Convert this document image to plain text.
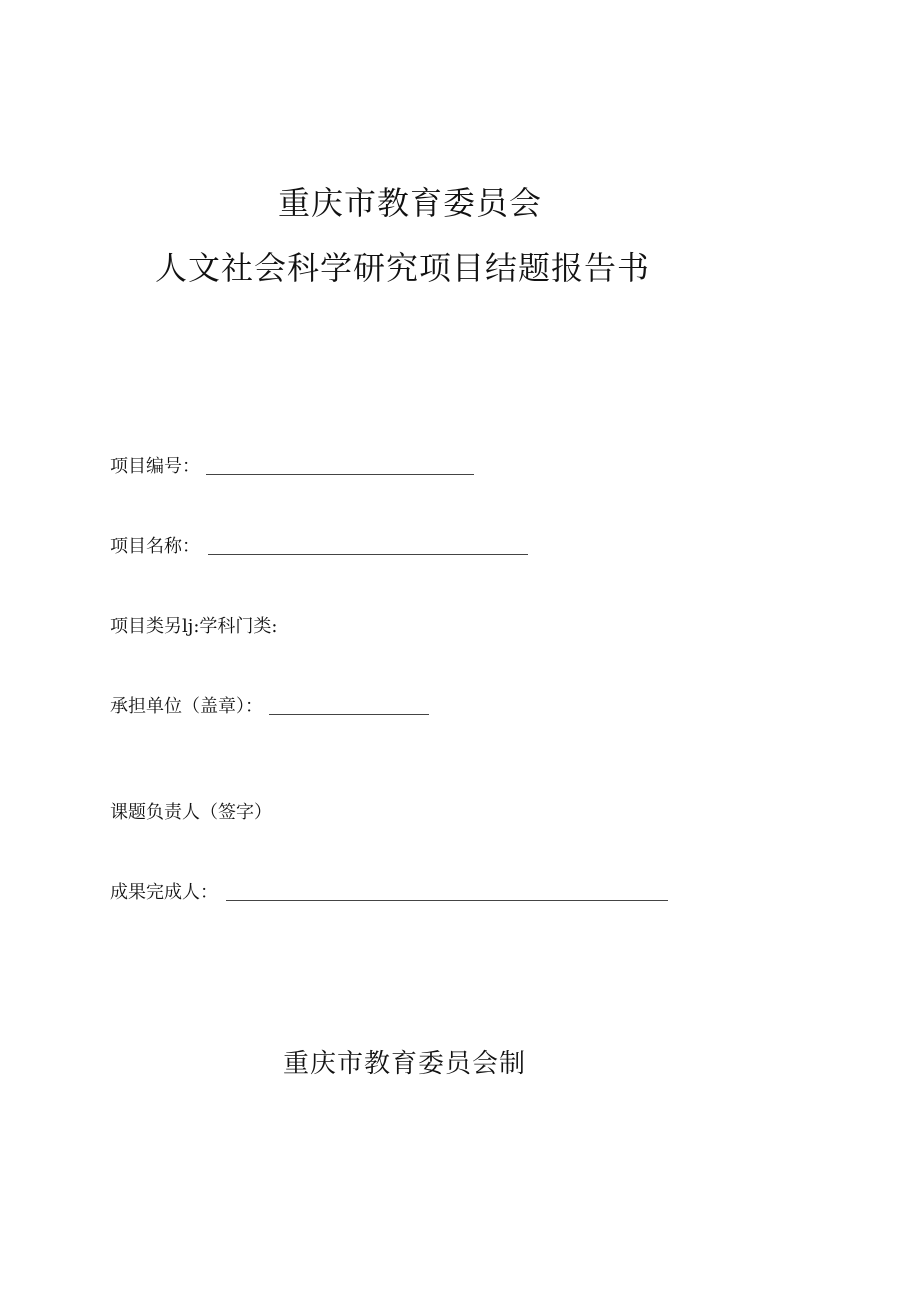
重庆市教育委员会
人文社会科学研究项目结题报告书
项目编号：
项目名称：
项目类另lj:学科门类:
承担单位（盖章）：
课题负责人（签字）
成果完成人：
重庆市教育委员会制
